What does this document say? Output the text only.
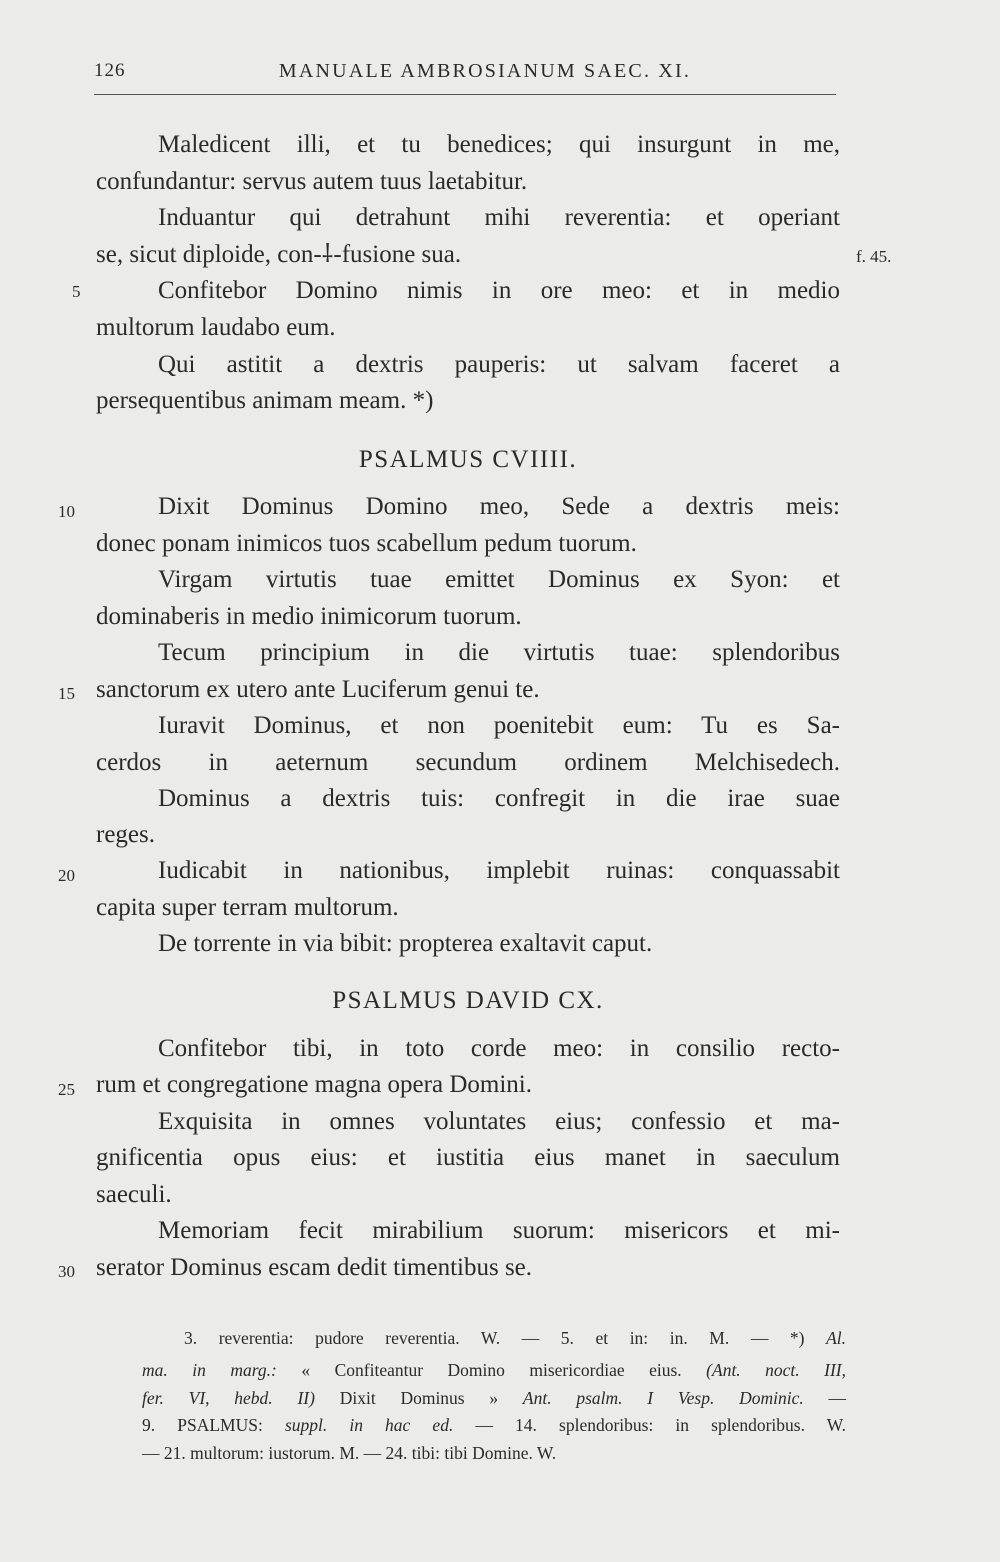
126	MANUALE AMBROSIANUM SAEC. XI.
Maledicent illi, et tu benedices; qui insurgunt in me,
confundantur: servus autem tuus laetabitur.
Induantur qui detrahunt mihi reverentia: et operiant
se, sicut diploide, con-⸸-fusione sua.	f. 45.
5	Confitebor Domino nimis in ore meo: et in medio
multorum laudabo eum.
Qui astitit a dextris pauperis: ut salvam faceret a
persequentibus animam meam. *)
PSALMUS CVIIII.
10	Dixit Dominus Domino meo, Sede a dextris meis:
donec ponam inimicos tuos scabellum pedum tuorum.
Virgam virtutis tuae emittet Dominus ex Syon: et
dominaberis in medio inimicorum tuorum.
Tecum principium in die virtutis tuae: splendoribus
15 sanctorum ex utero ante Luciferum genui te.
Iuravit Dominus, et non poenitebit eum: Tu es Sa-
cerdos in aeternum secundum ordinem Melchisedech.
Dominus a dextris tuis: confregit in die irae suae
reges.
20	Iudicabit in nationibus, implebit ruinas: conquassabit
capita super terram multorum.
De torrente in via bibit: propterea exaltavit caput.
PSALMUS DAVID CX.
Confitebor tibi, in toto corde meo: in consilio recto-
25 rum et congregatione magna opera Domini.
Exquisita in omnes voluntates eius; confessio et ma-
gnificentia opus eius: et iustitia eius manet in saeculum
saeculi.
Memoriam fecit mirabilium suorum: misericors et mi-
30 serator Dominus escam dedit timentibus se.
3. reverentia: pudore reverentia. W. — 5. et in: in. M. — *) Al.
ma. in marg.: « Confiteantur Domino misericordiae eius. (Ant. noct. III,
fer. VI, hebd. II) Dixit Dominus » Ant. psalm. I Vesp. Dominic. —
9. PSALMUS: suppl. in hac ed. — 14. splendoribus: in splendoribus. W.
— 21. multorum: iustorum. M. — 24. tibi: tibi Domine. W.
